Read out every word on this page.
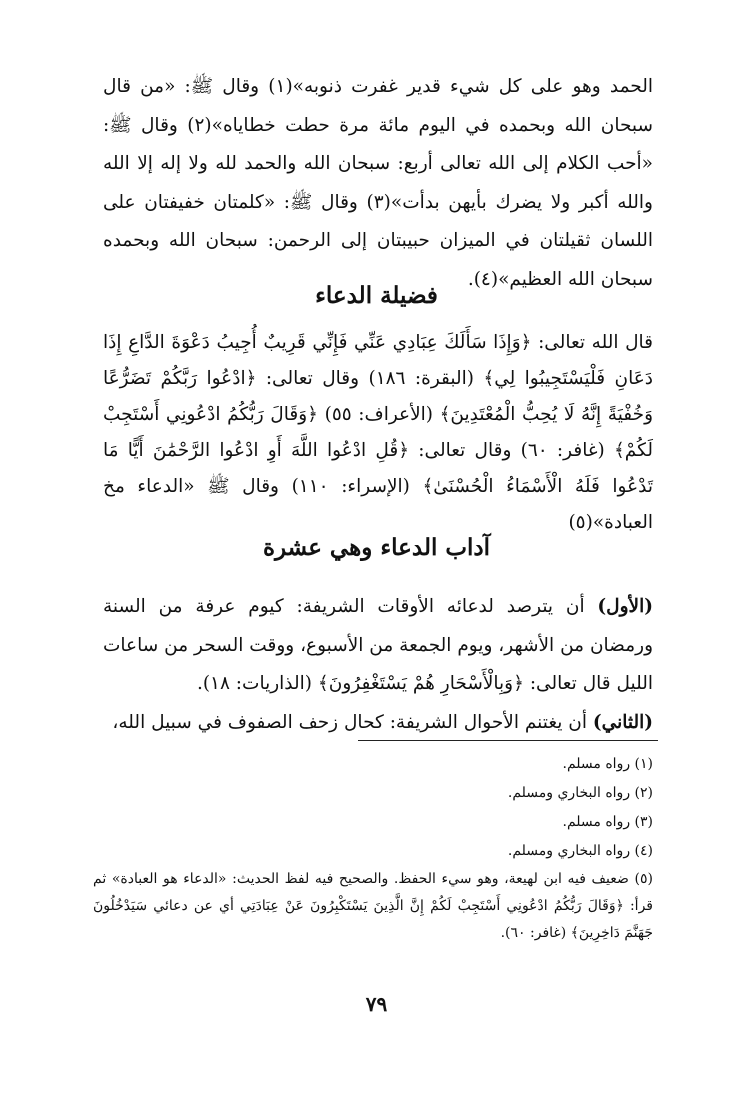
الحمد وهو على كل شيء قدير غفرت ذنوبه»(١) وقال ﷺ: «من قال سبحان الله وبحمده في اليوم مائة مرة حطت خطاياه»(٢) وقال ﷺ: «أحب الكلام إلى الله تعالى أربع: سبحان الله والحمد لله ولا إله إلا الله والله أكبر ولا يضرك بأيهن بدأت»(٣) وقال ﷺ: «كلمتان خفيفتان على اللسان ثقيلتان في الميزان حبيبتان إلى الرحمن: سبحان الله وبحمده سبحان الله العظيم»(٤).

فضيلة الدعاء

قال الله تعالى: ﴿وَإِذَا سَأَلَكَ عِبَادِي عَنِّي فَإِنِّي قَرِيبٌ أُجِيبُ دَعْوَةَ الدَّاعِ إِذَا دَعَانِ فَلْيَسْتَجِيبُوا لِي﴾ (البقرة: ١٨٦) وقال تعالى: ﴿ادْعُوا رَبَّكُمْ تَضَرُّعًا وَخُفْيَةً إِنَّهُ لَا يُحِبُّ الْمُعْتَدِينَ﴾ (الأعراف: ٥٥) ﴿وَقَالَ رَبُّكُمُ ادْعُونِي أَسْتَجِبْ لَكُمْ﴾ (غافر: ٦٠) وقال تعالى: ﴿قُلِ ادْعُوا اللَّهَ أَوِ ادْعُوا الرَّحْمَٰنَ أَيًّا مَا تَدْعُوا فَلَهُ الْأَسْمَاءُ الْحُسْنَىٰ﴾ (الإسراء: ١١٠) وقال ﷺ «الدعاء مخ العبادة»(٥)

آداب الدعاء وهي عشرة

(الأول) أن يترصد لدعائه الأوقات الشريفة: كيوم عرفة من السنة ورمضان من الأشهر، ويوم الجمعة من الأسبوع، ووقت السحر من ساعات الليل قال تعالى: ﴿وَبِالْأَسْحَارِ هُمْ يَسْتَغْفِرُونَ﴾ (الذاريات: ١٨).

(الثاني) أن يغتنم الأحوال الشريفة: كحال زحف الصفوف في سبيل الله،

(١) رواه مسلم.

(٢) رواه البخاري ومسلم.

(٣) رواه مسلم.

(٤) رواه البخاري ومسلم.

(٥) ضعيف فيه ابن لهيعة، وهو سيء الحفظ. والصحيح فيه لفظ الحديث: «الدعاء هو العبادة» ثم قرأ: ﴿وَقَالَ رَبُّكُمُ ادْعُونِي أَسْتَجِبْ لَكُمْ إِنَّ الَّذِينَ يَسْتَكْبِرُونَ عَنْ عِبَادَتِي أي عن دعائي سَيَدْخُلُونَ جَهَنَّمَ دَاخِرِينَ﴾ (غافر: ٦٠).

٧٩
